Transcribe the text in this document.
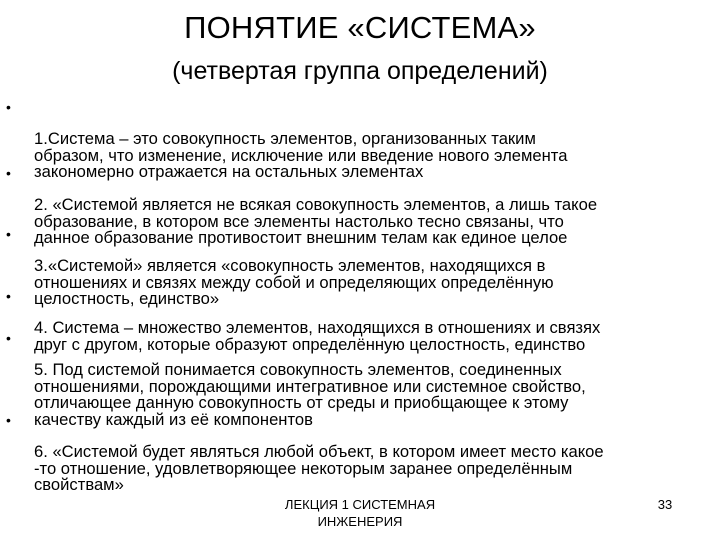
ПОНЯТИЕ «СИСТЕМА»
(четвертая группа определений)

•

1.Система – это совокупность элементов, организованных таким
образом, что изменение, исключение или введение нового элемента
закономерно отражается на остальных элементах

•

2. «Системой является не всякая совокупность элементов, а лишь такое
образование, в котором все элементы настолько тесно связаны, что
данное образование противостоит внешним телам как единое целое

•

3.«Системой» является «совокупность элементов, находящихся в
отношениях и связях между собой и определяющих определённую
целостность, единство»

•

4. Система – множество элементов, находящихся в отношениях и связях
друг с другом, которые образуют определённую целостность, единство

•

5. Под системой понимается совокупность элементов, соединенных
отношениями, порождающими интегративное или системное свойство,
отличающее данную совокупность от среды и приобщающее к этому
качеству каждый из её компонентов

•

6. «Системой будет являться любой объект, в котором имеет место какое
-то отношение, удовлетворяющее некоторым заранее определённым
свойствам»

ЛЕКЦИЯ 1 СИСТЕМНАЯ
ИНЖЕНЕРИЯ
33
